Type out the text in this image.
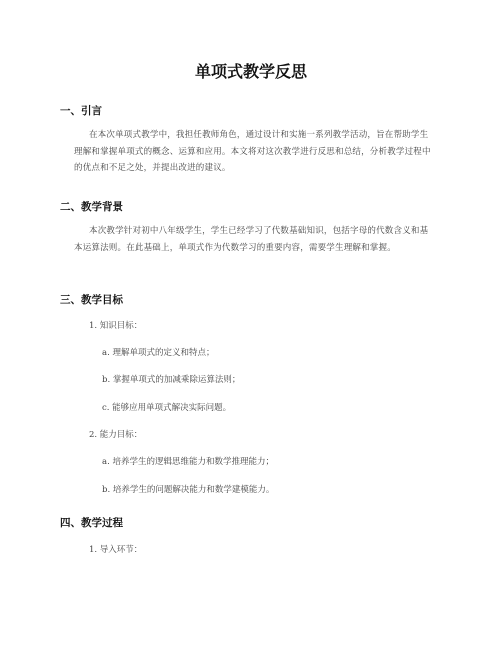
单项式教学反思
一、引言

在本次单项式教学中，我担任教师角色，通过设计和实施一系列教学活动，旨在帮助学生理解和掌握单项式的概念、运算和应用。本文将对这次教学进行反思和总结，分析教学过程中的优点和不足之处，并提出改进的建议。

二、教学背景

本次教学针对初中八年级学生，学生已经学习了代数基础知识，包括字母的代数含义和基本运算法则。在此基础上，单项式作为代数学习的重要内容，需要学生理解和掌握。

三、教学目标

1. 知识目标：

a. 理解单项式的定义和特点；

b. 掌握单项式的加减乘除运算法则；

c. 能够应用单项式解决实际问题。

2. 能力目标：

a. 培养学生的逻辑思维能力和数学推理能力；

b. 培养学生的问题解决能力和数学建模能力。

四、教学过程

1. 导入环节：
